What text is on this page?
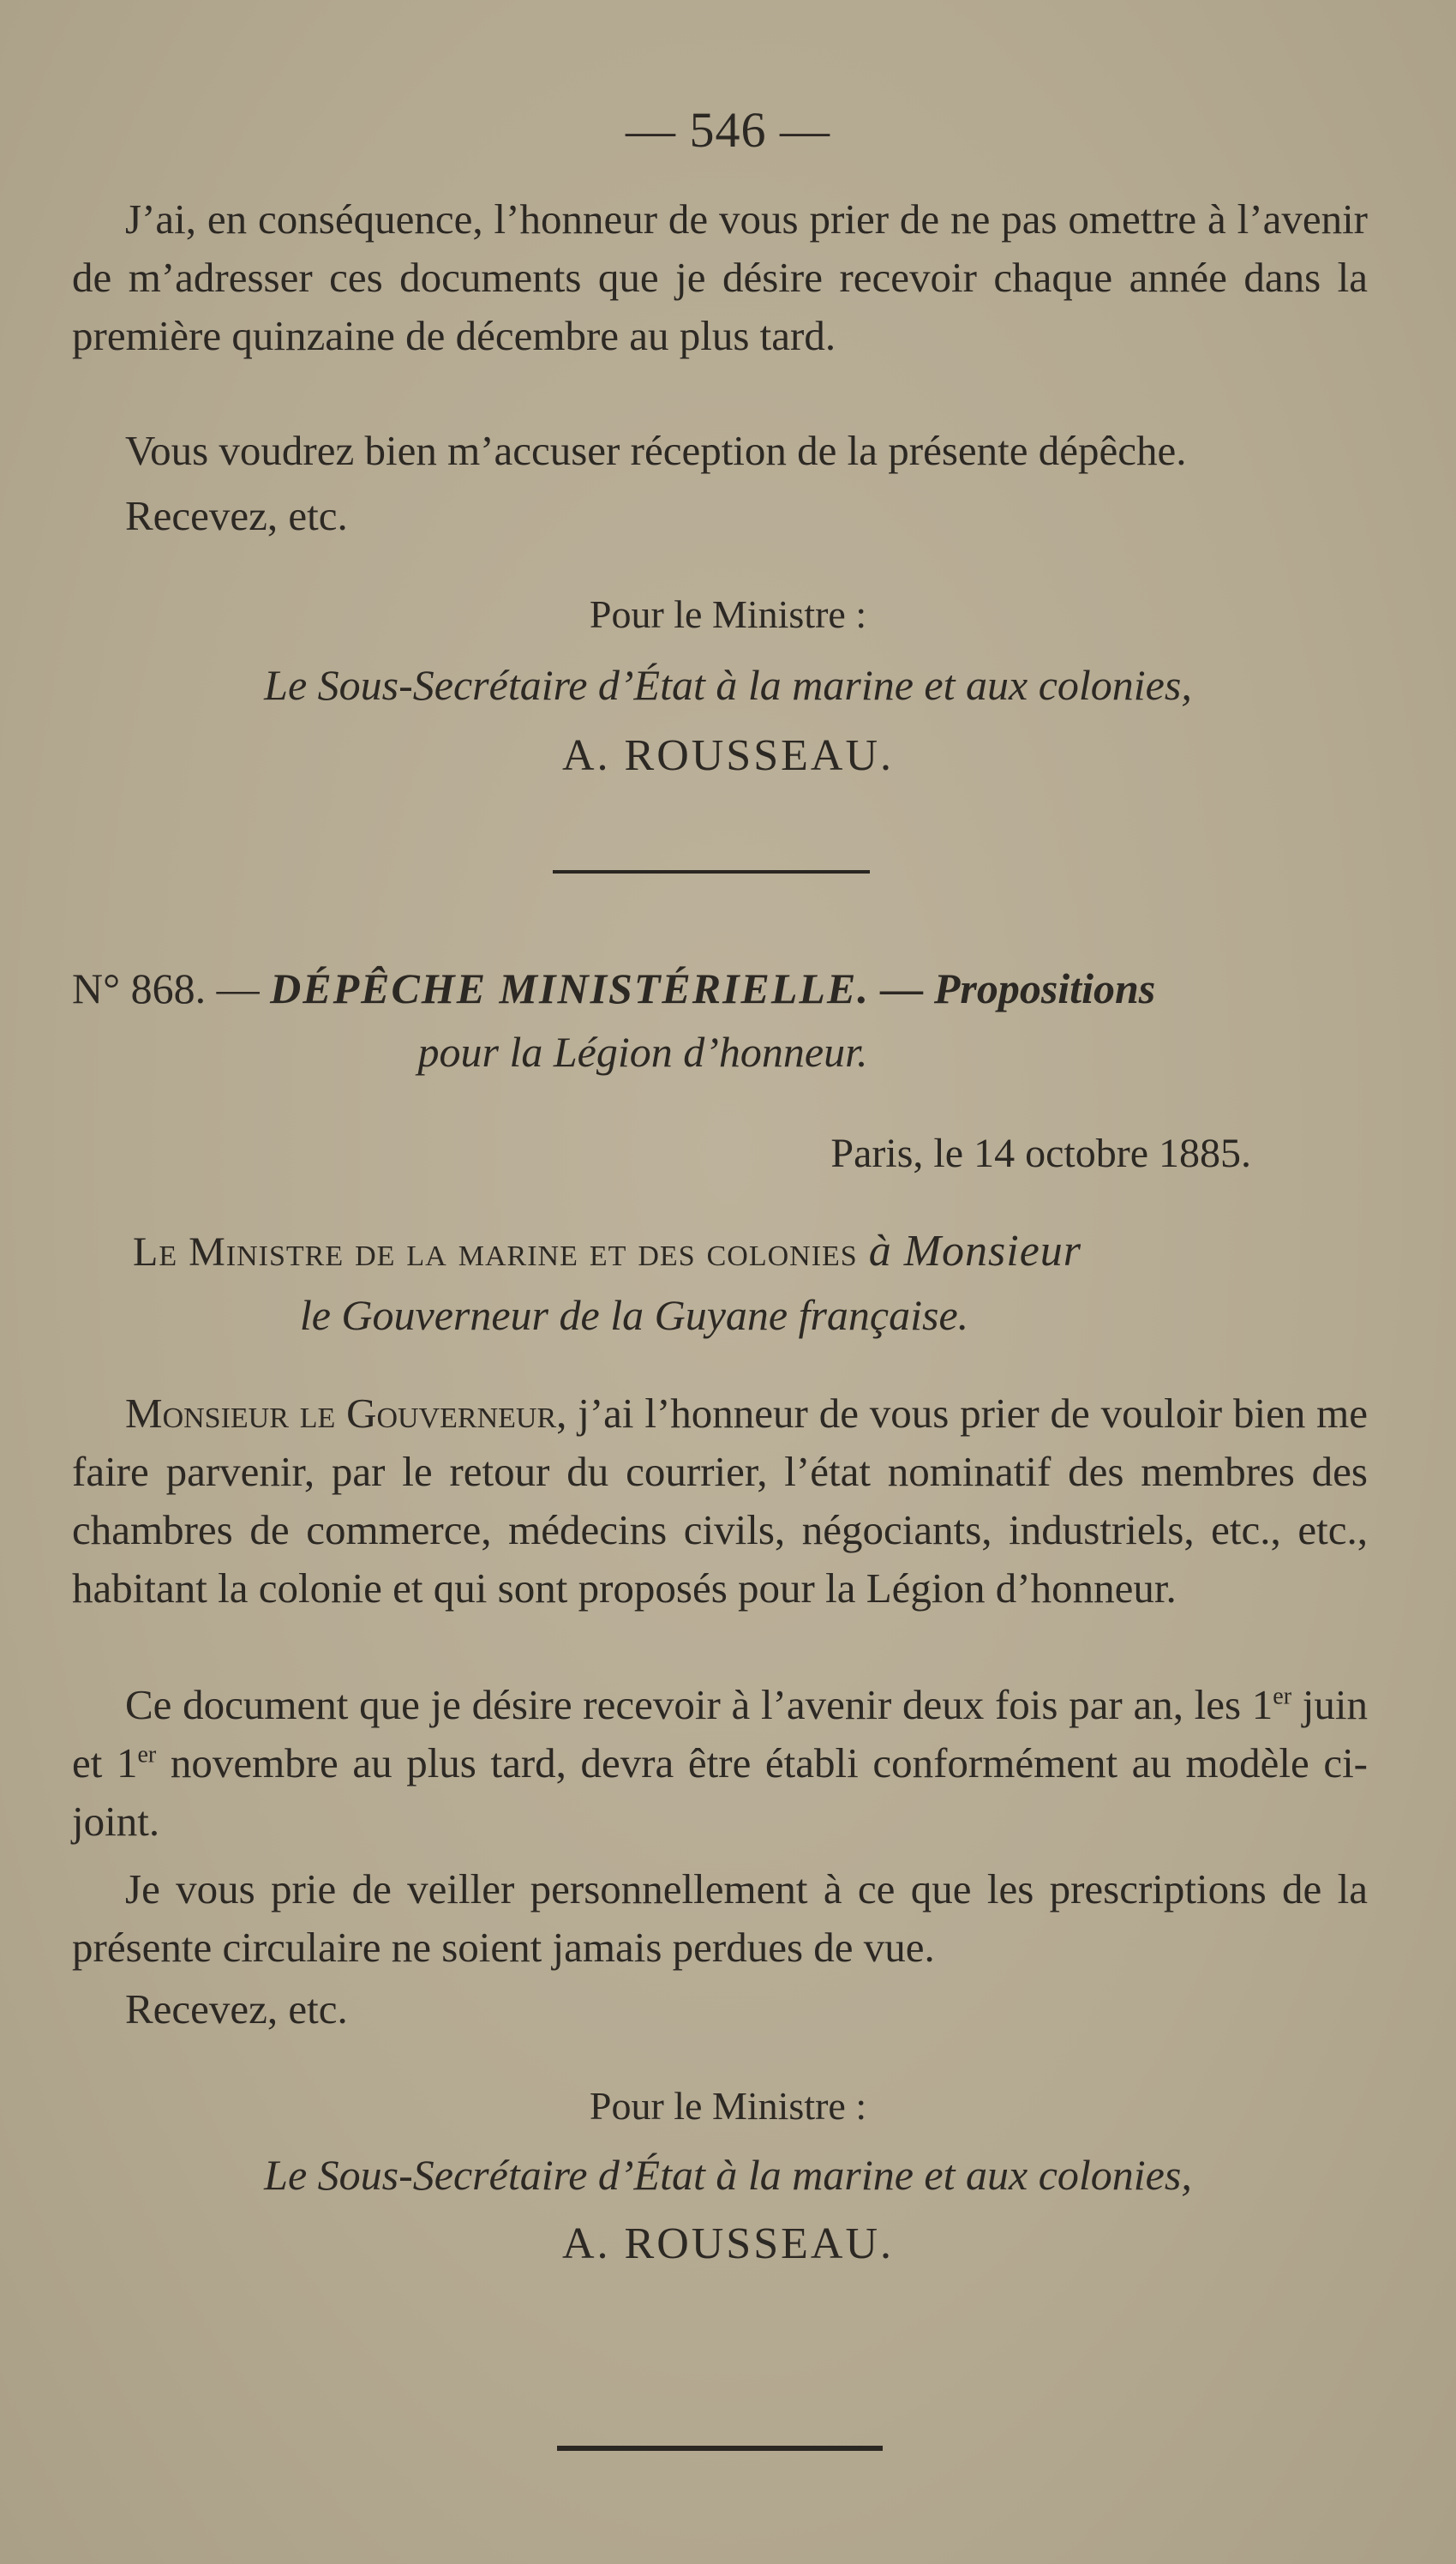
— 546 —

J’ai, en conséquence, l’honneur de vous prier de ne pas omettre à l’avenir de m’adresser ces documents que je désire recevoir chaque année dans la première quinzaine de décembre au plus tard.

Vous voudrez bien m’accuser réception de la présente dépêche.

Recevez, etc.

Pour le Ministre :
Le Sous-Secrétaire d’État à la marine et aux colonies,
A. ROUSSEAU.

N° 868. — DÉPÊCHE MINISTÉRIELLE. — Propositions

pour la Légion d’honneur.
Paris, le 14 octobre 1885.
Le Ministre de la marine et des colonies à Monsieur
le Gouverneur de la Guyane française.

Monsieur le Gouverneur, j’ai l’honneur de vous prier de vouloir bien me faire parvenir, par le retour du courrier, l’état nominatif des membres des chambres de commerce, médecins civils, négociants, industriels, etc., etc., habitant la colonie et qui sont proposés pour la Légion d’honneur.

Ce document que je désire recevoir à l’avenir deux fois par an, les 1er juin et 1er novembre au plus tard, devra être établi conformément au modèle ci-joint.

Je vous prie de veiller personnellement à ce que les prescriptions de la présente circulaire ne soient jamais perdues de vue.

Recevez, etc.

Pour le Ministre :
Le Sous-Secrétaire d’État à la marine et aux colonies,
A. ROUSSEAU.
